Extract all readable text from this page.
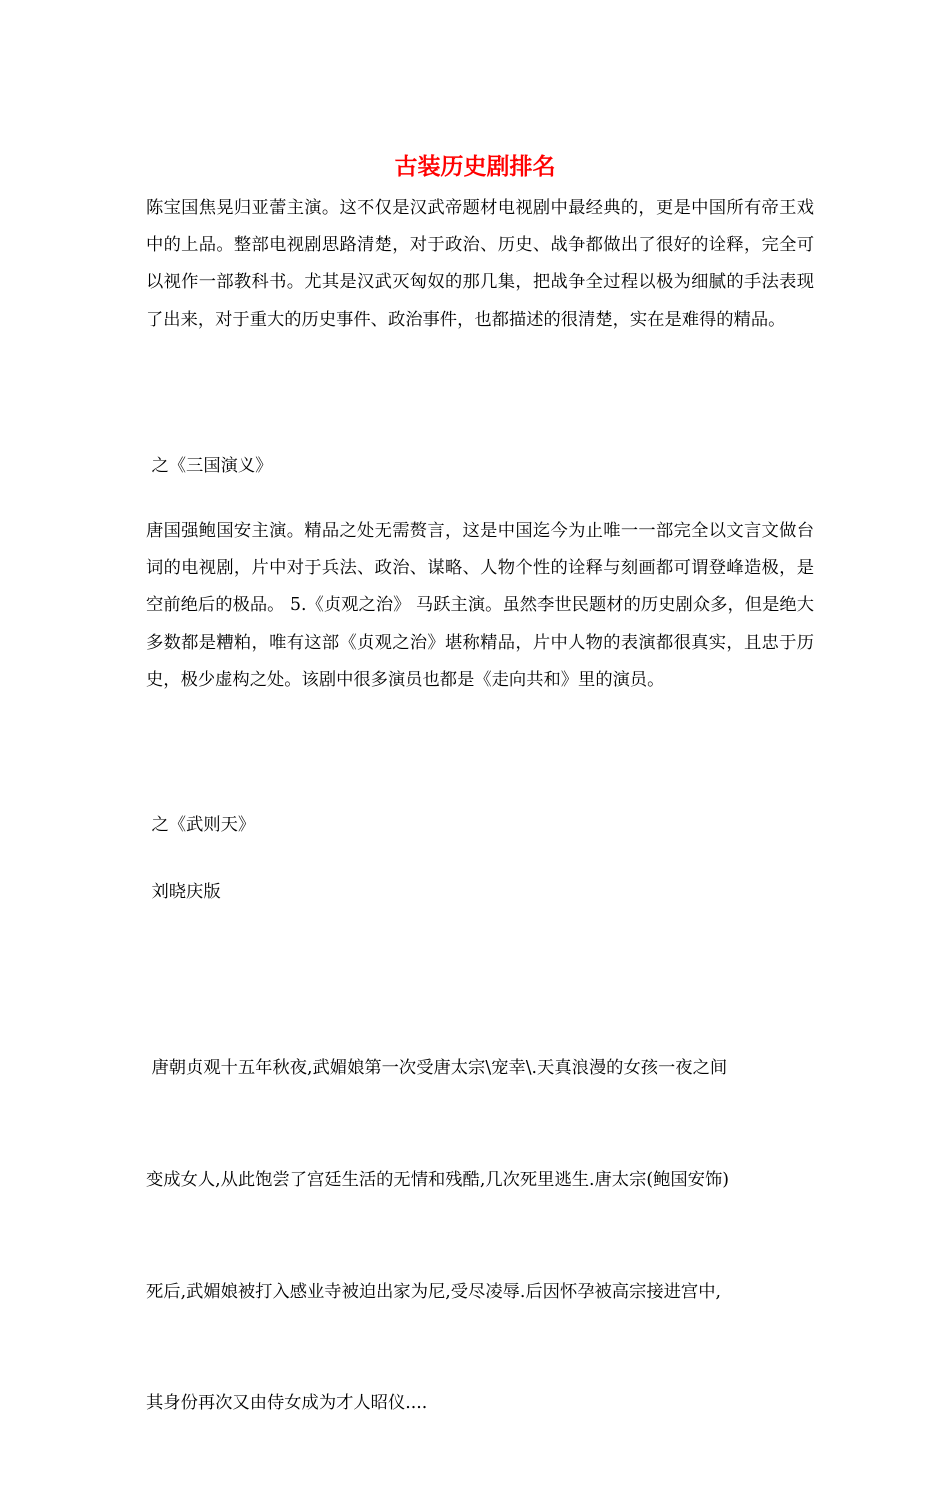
古装历史剧排名

陈宝国焦晃归亚蕾主演。这不仅是汉武帝题材电视剧中最经典的，更是中国所有帝王戏中的上品。整部电视剧思路清楚，对于政治、历史、战争都做出了很好的诠释，完全可以视作一部教科书。尤其是汉武灭匈奴的那几集，把战争全过程以极为细腻的手法表现了出来，对于重大的历史事件、政治事件，也都描述的很清楚，实在是难得的精品。

之《三国演义》

唐国强鲍国安主演。精品之处无需赘言，这是中国迄今为止唯一一部完全以文言文做台词的电视剧，片中对于兵法、政治、谋略、人物个性的诠释与刻画都可谓登峰造极，是空前绝后的极品。 5.《贞观之治》 马跃主演。虽然李世民题材的历史剧众多，但是绝大多数都是糟粕，唯有这部《贞观之治》堪称精品，片中人物的表演都很真实，且忠于历史，极少虚构之处。该剧中很多演员也都是《走向共和》里的演员。

之《武则天》

刘晓庆版

唐朝贞观十五年秋夜,武媚娘第一次受唐太宗\宠幸\.天真浪漫的女孩一夜之间

变成女人,从此饱尝了宫廷生活的无情和残酷,几次死里逃生.唐太宗(鲍国安饰)

死后,武媚娘被打入感业寺被迫出家为尼,受尽凌辱.后因怀孕被高宗接进宫中,

其身份再次又由侍女成为才人昭仪....
